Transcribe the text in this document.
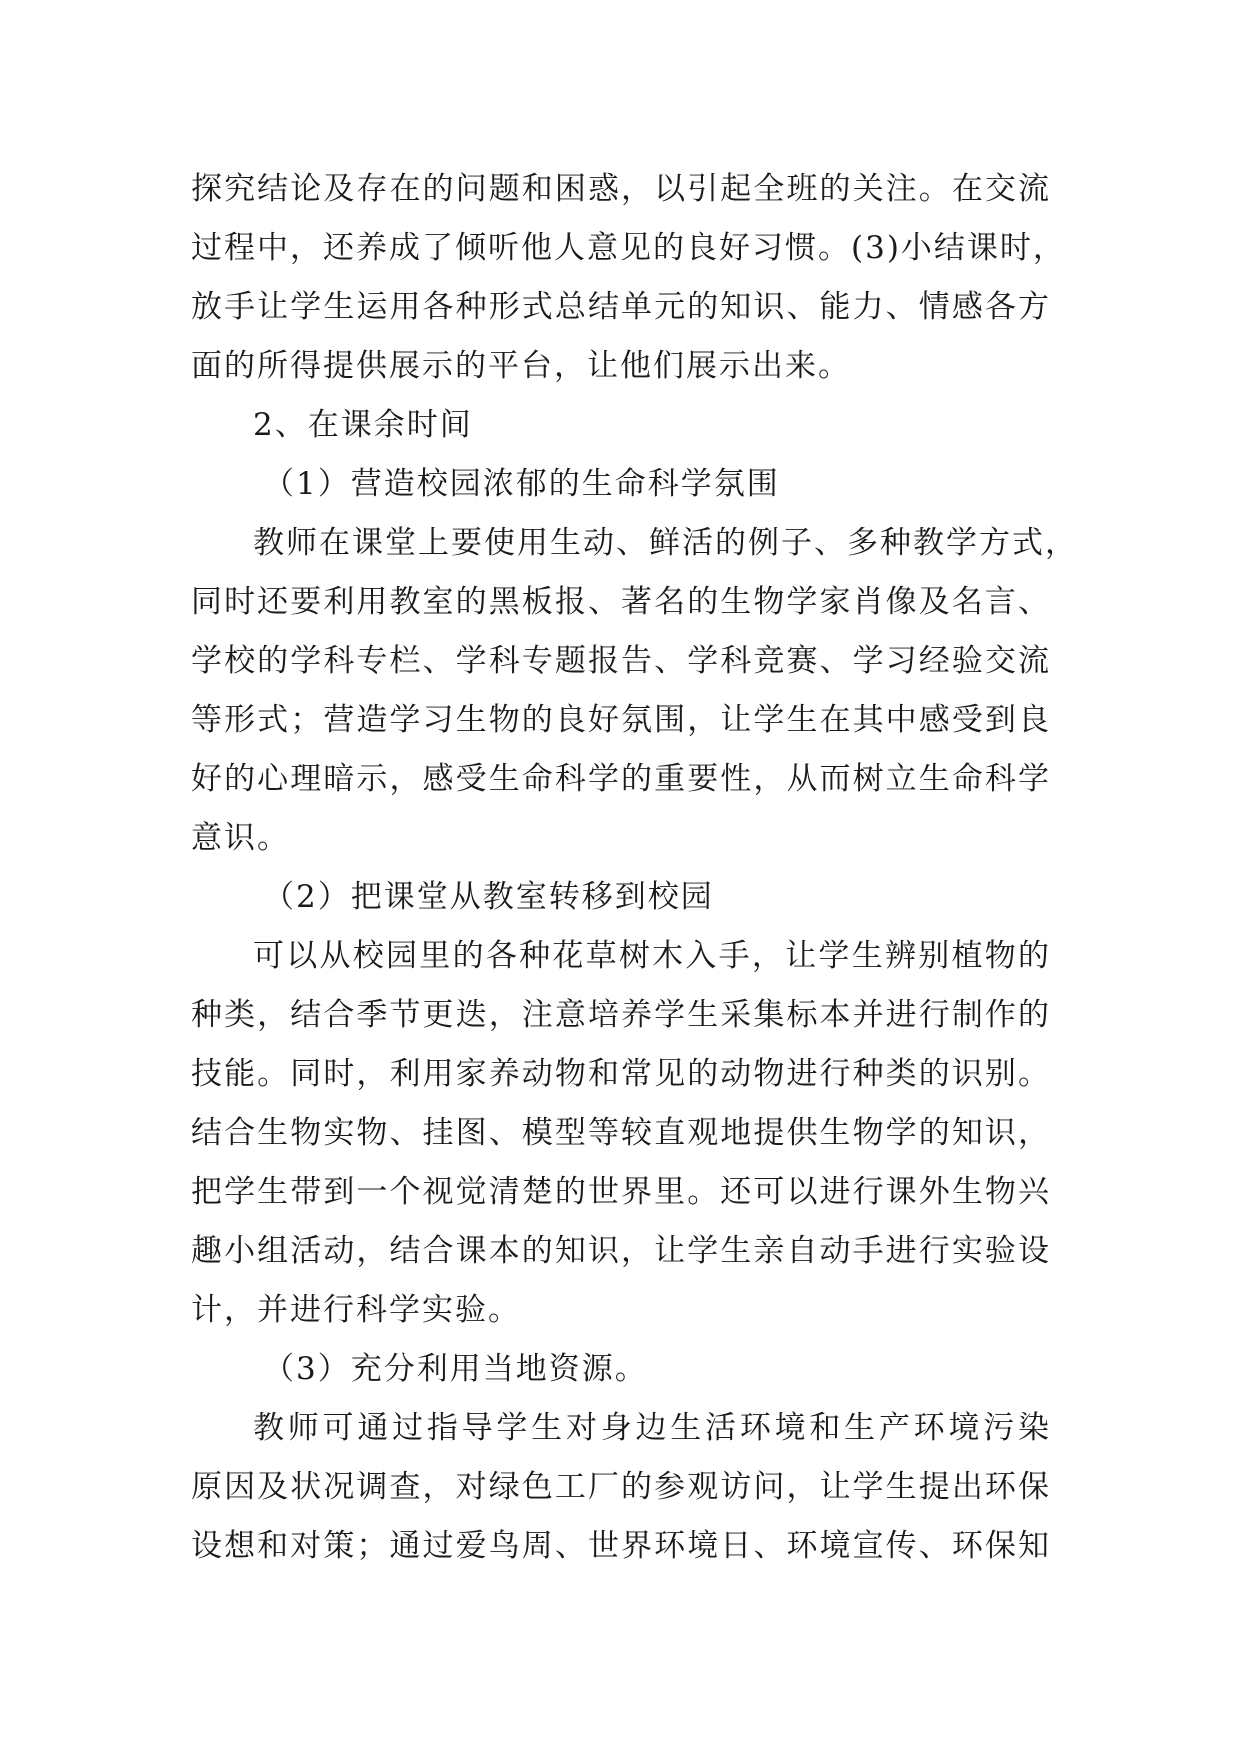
探究结论及存在的问题和困惑，以引起全班的关注。在交流
过程中，还养成了倾听他人意见的良好习惯。(3)小结课时，
放手让学生运用各种形式总结单元的知识、能力、情感各方
面的所得提供展示的平台，让他们展示出来。
2、在课余时间
（1）营造校园浓郁的生命科学氛围
教师在课堂上要使用生动、鲜活的例子、多种教学方式，
同时还要利用教室的黑板报、著名的生物学家肖像及名言、
学校的学科专栏、学科专题报告、学科竞赛、学习经验交流
等形式；营造学习生物的良好氛围，让学生在其中感受到良
好的心理暗示，感受生命科学的重要性，从而树立生命科学
意识。
（2）把课堂从教室转移到校园
可以从校园里的各种花草树木入手，让学生辨别植物的
种类，结合季节更迭，注意培养学生采集标本并进行制作的
技能。同时，利用家养动物和常见的动物进行种类的识别。
结合生物实物、挂图、模型等较直观地提供生物学的知识，
把学生带到一个视觉清楚的世界里。还可以进行课外生物兴
趣小组活动，结合课本的知识，让学生亲自动手进行实验设
计，并进行科学实验。
（3）充分利用当地资源。
教师可通过指导学生对身边生活环境和生产环境污染
原因及状况调查，对绿色工厂的参观访问，让学生提出环保
设想和对策；通过爱鸟周、世界环境日、环境宣传、环保知
